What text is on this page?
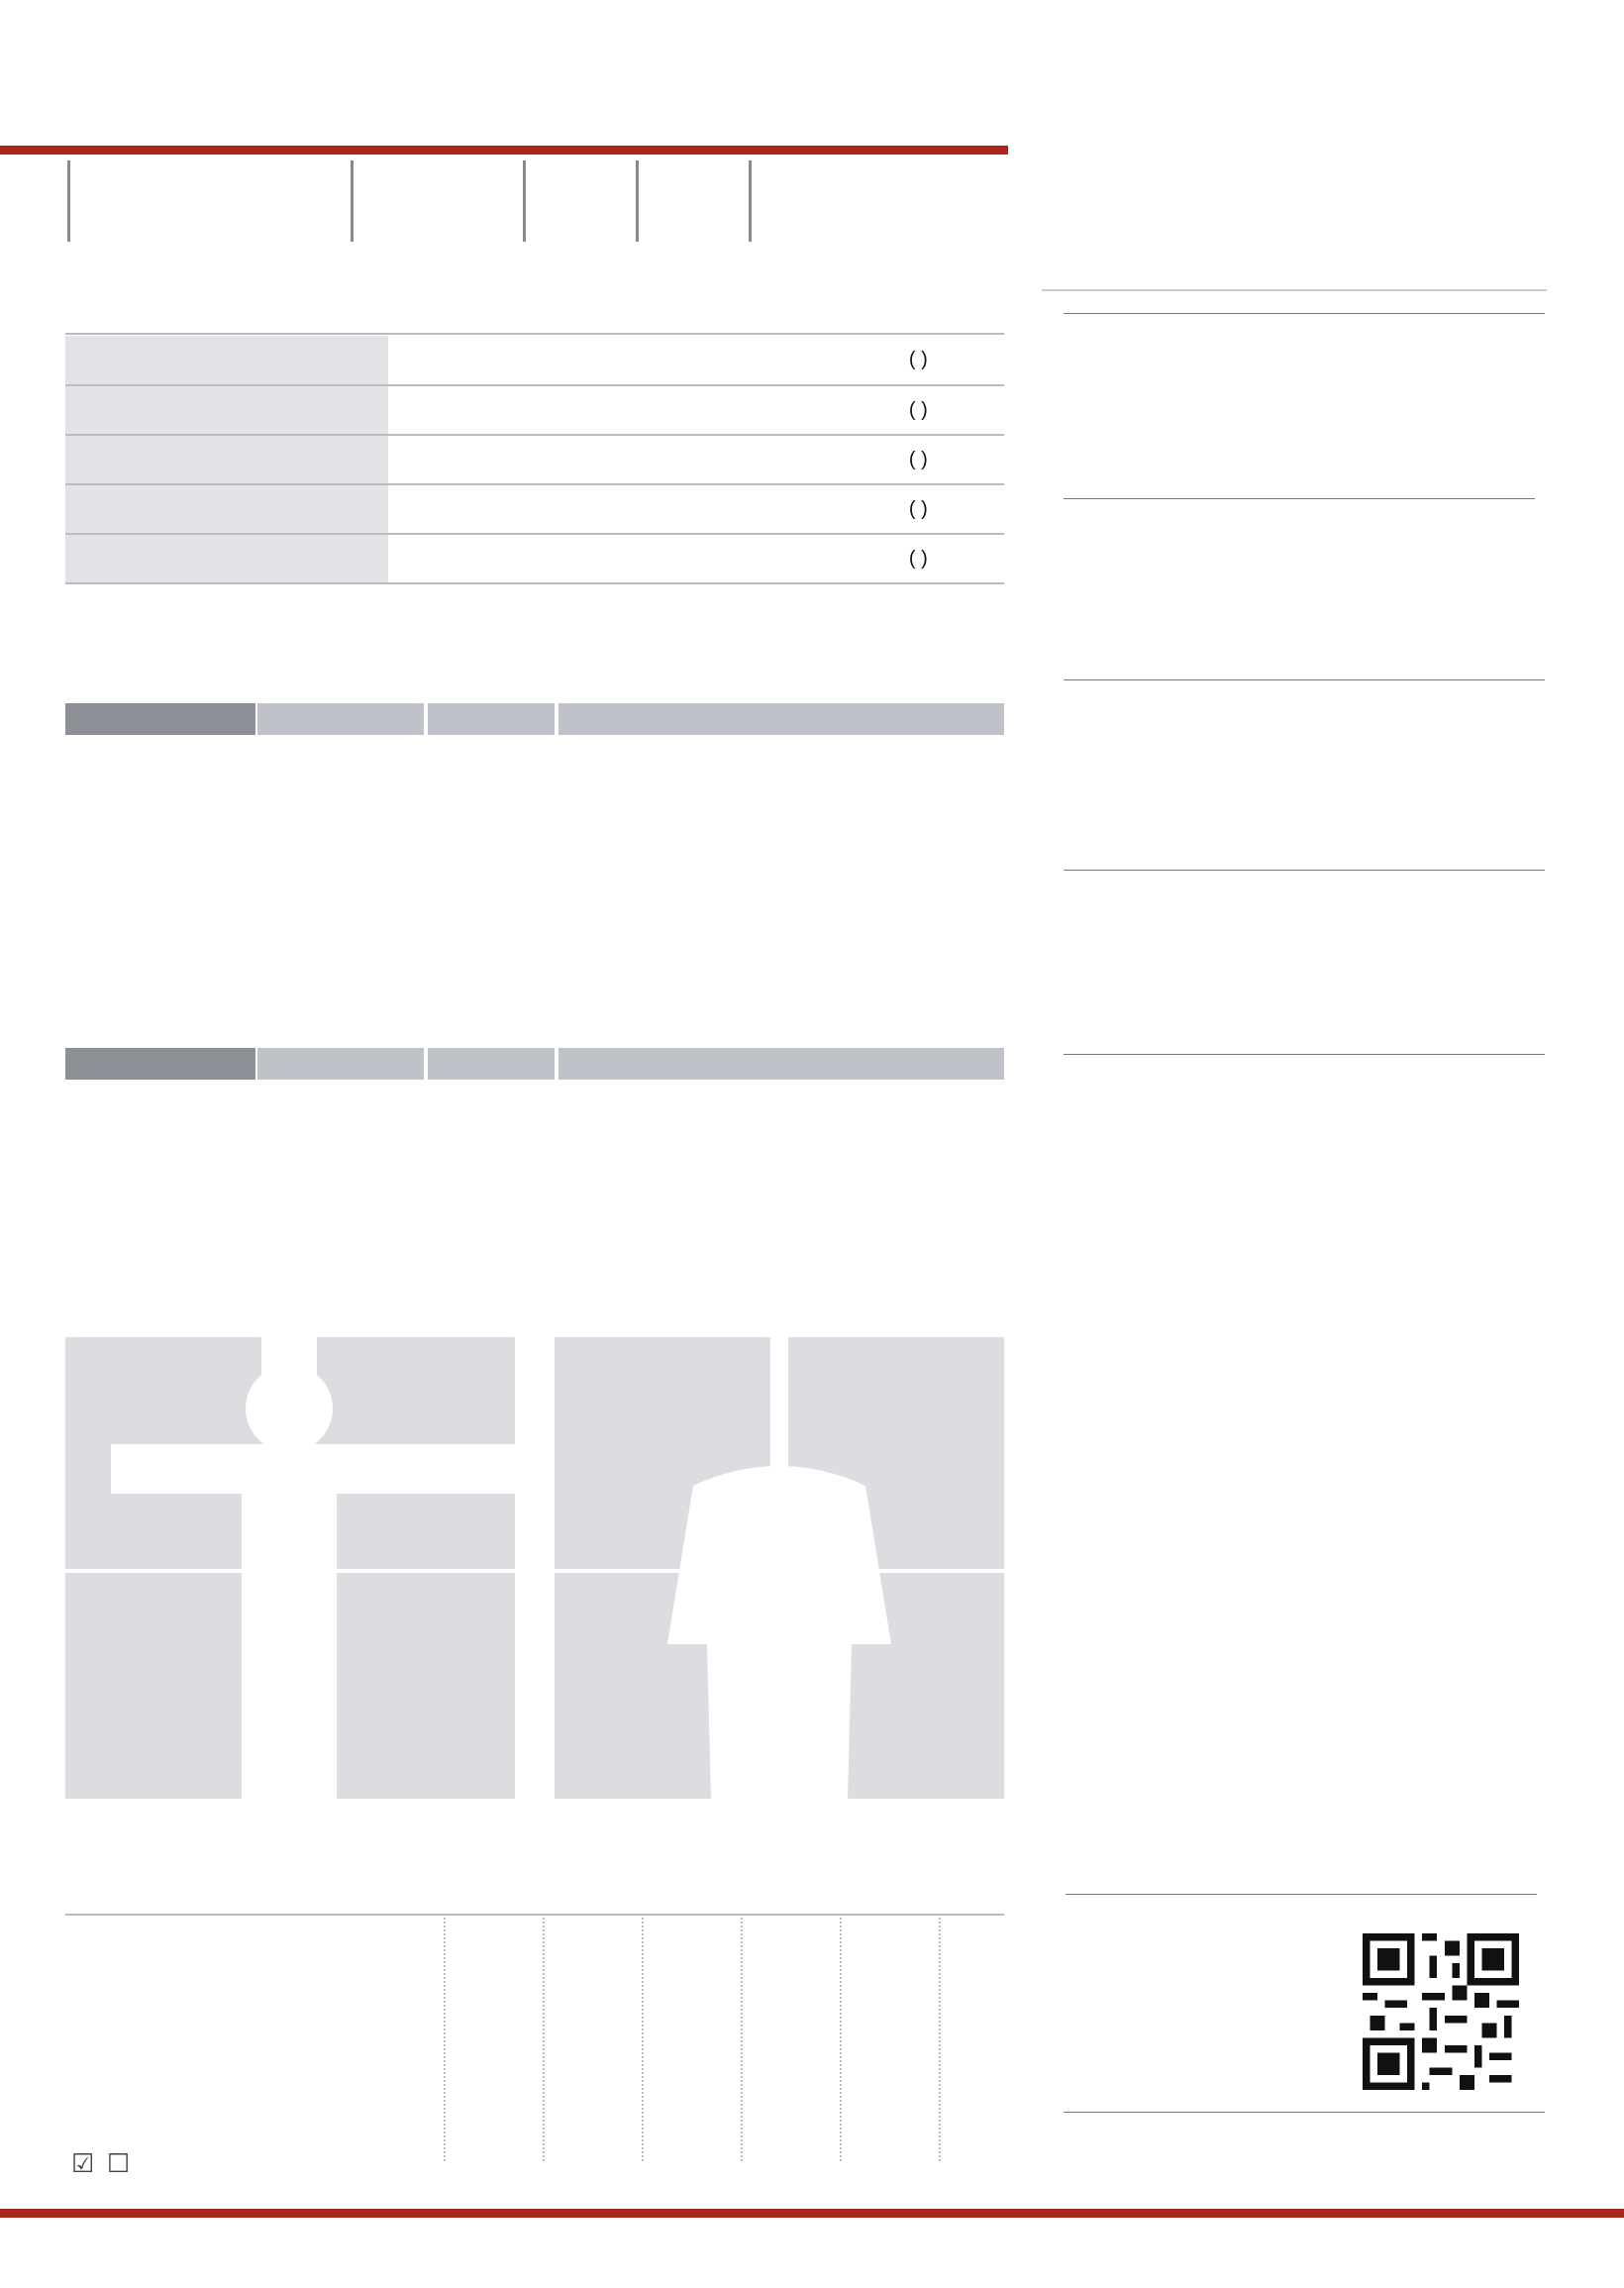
				( )
				( )
				( )
				( )
				( )
☑ ☐
